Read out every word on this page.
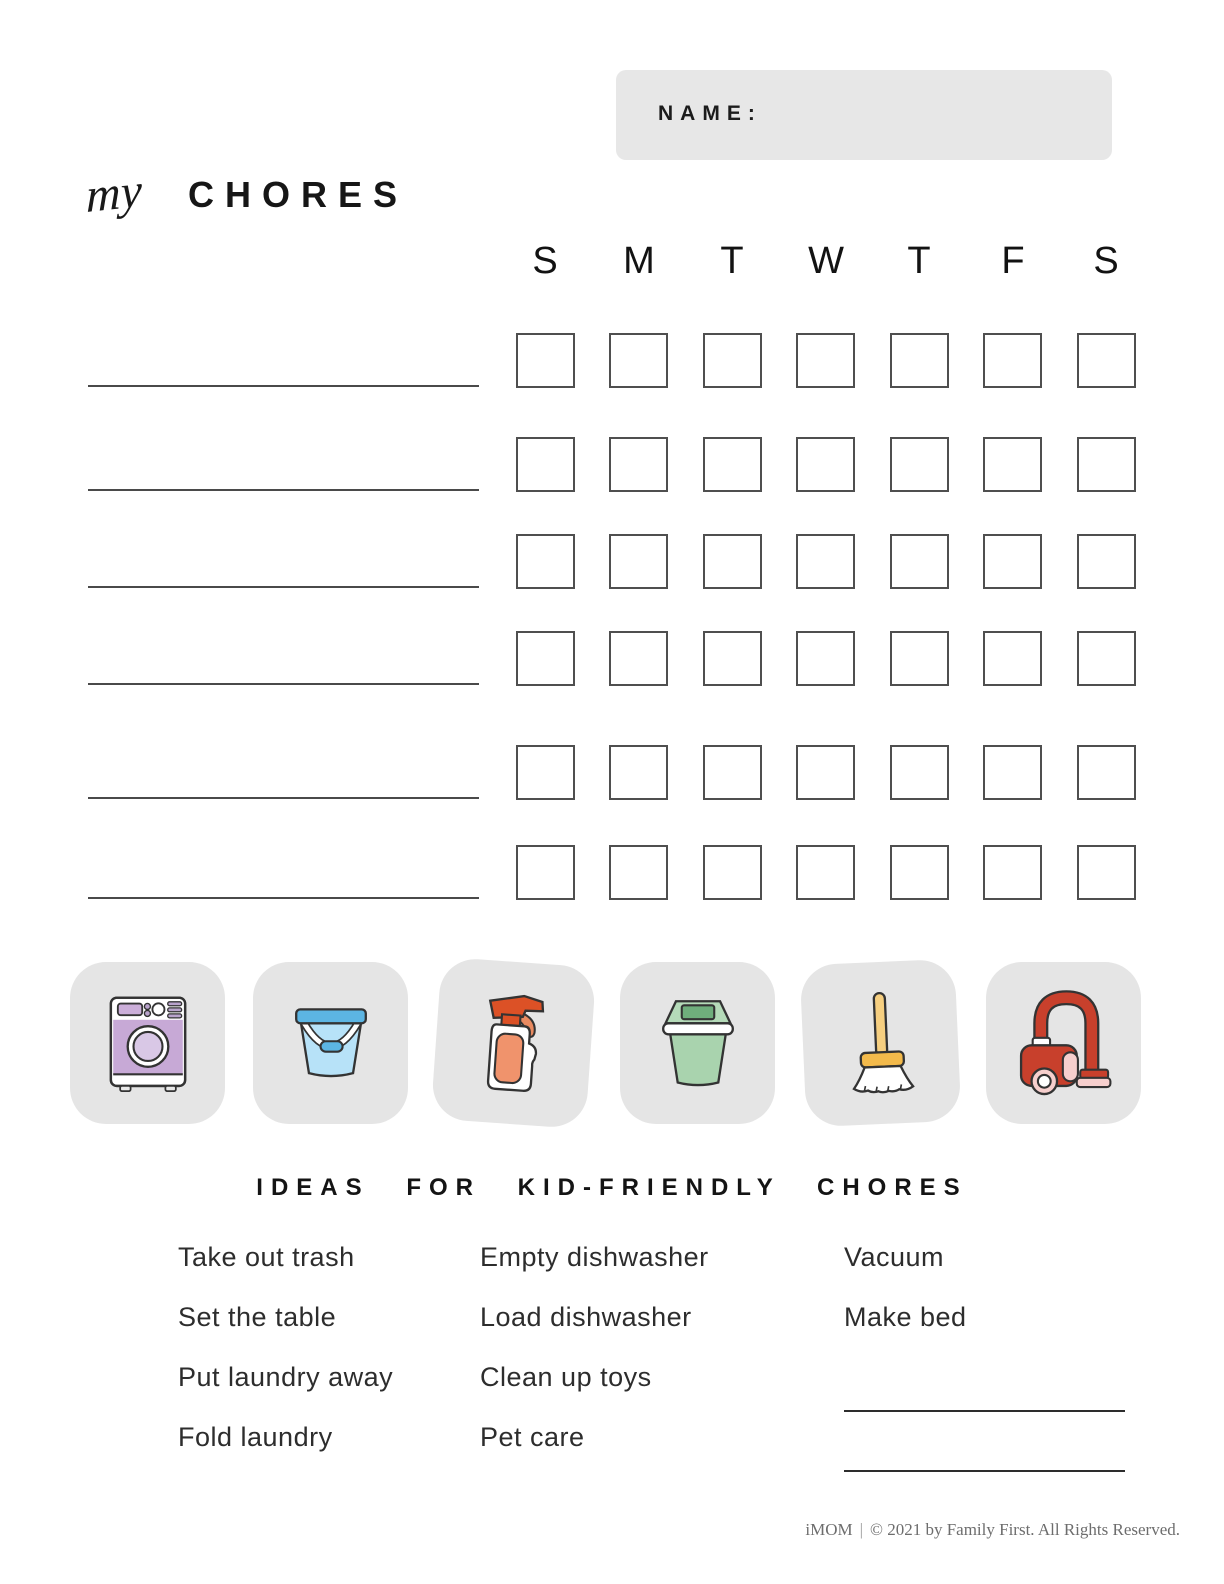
NAME:
my CHORES
S	M	T	W	T	F	S
IDEAS FOR KID-FRIENDLY CHORES
Take out trash	Empty dishwasher	Vacuum
Set the table	Load dishwasher	Make bed
Put laundry away	Clean up toys
Fold laundry	Pet care
iMOM | © 2021 by Family First. All Rights Reserved.
